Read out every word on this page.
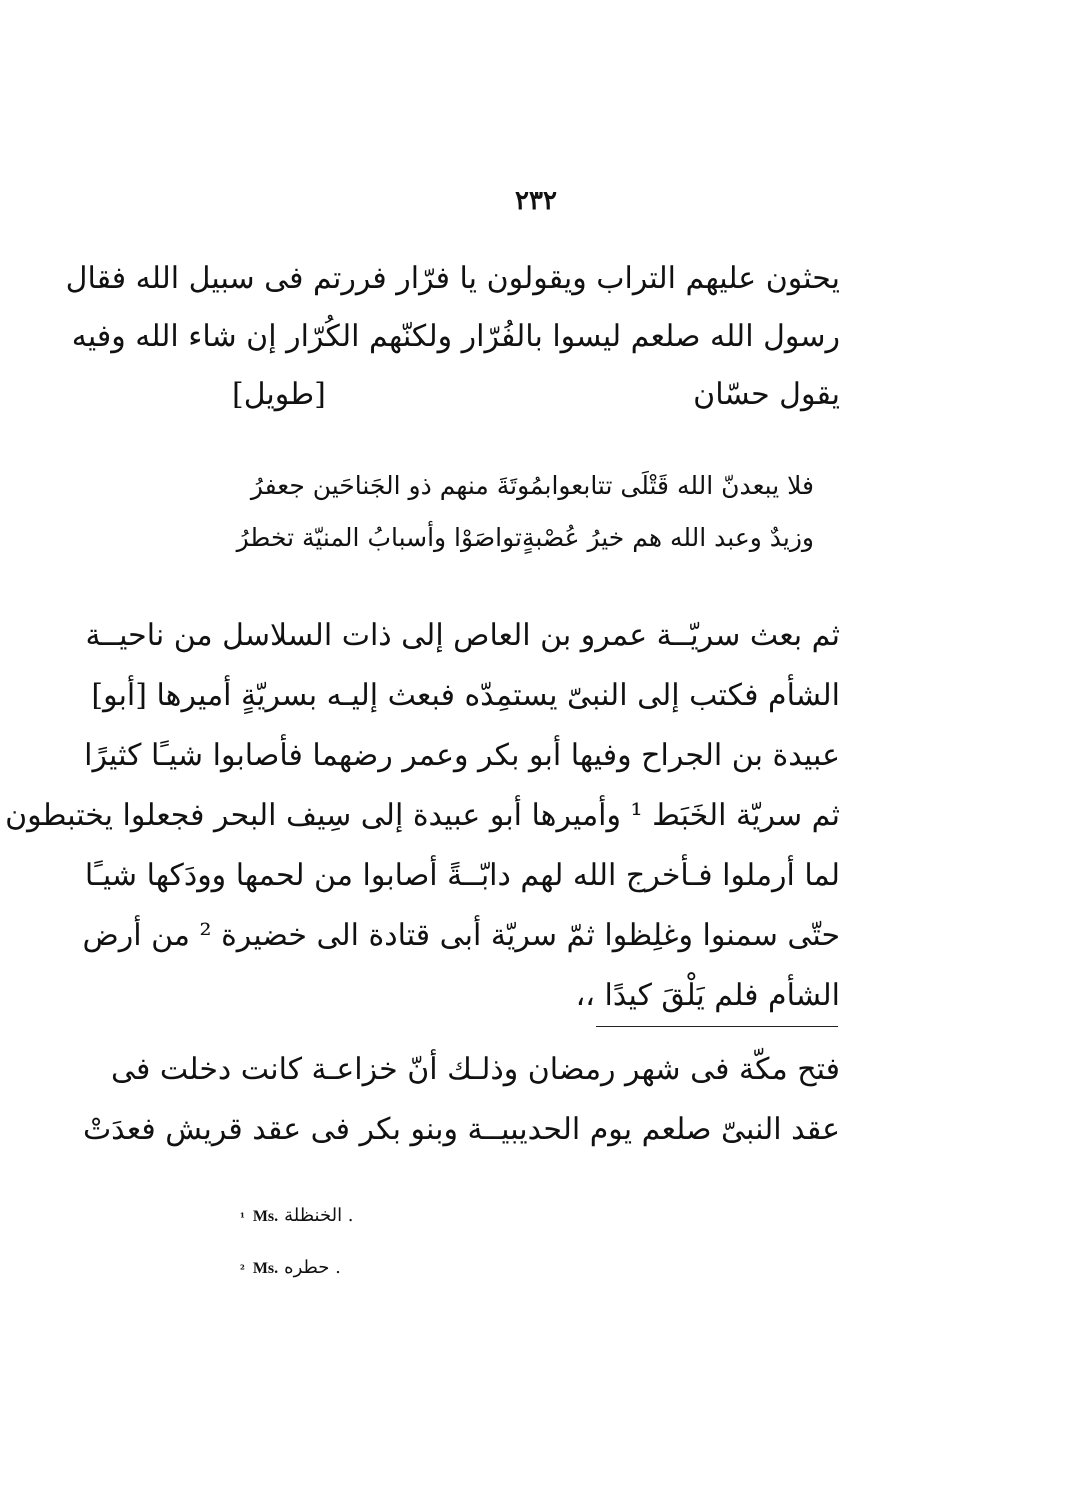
٢٣٢
يحثون عليهم التراب ويقولون يا فرّار فررتم فى سبيل الله فقال
رسول الله صلعم ليسوا بالفُرّار ولكنّهم الكُرّار إن شاء الله وفيه
يقول حسّان
[طويل]
فلا يبعدنّ الله قَتْلَى تتابعوا
بمُوتَةَ منهم ذو الجَناحَين جعفرُ
وزيدٌ وعبد الله هم خيرُ عُصْبةٍ
تواصَوْا وأسبابُ المنيّة تخطرُ
ثم بعث سريّــة عمرو بن العاص إلى ذات السلاسل من ناحيــة
الشأم فكتب إلى النبىّ يستمِدّه فبعث إليـه بسريّةٍ أميرها [أبو]
عبيدة بن الجراح وفيها أبو بكر وعمر رضهما فأصابوا شيـًا كثيرًا
ثم سريّة الخَبَط ¹ وأميرها أبو عبيدة إلى سِيف البحر فجعلوا يختبطون
لما أرملوا فـأخرج الله لهم دابّــةً أصابوا من لحمها وودَكها شيـًا
حتّى سمنوا وغلِظوا ثمّ سريّة أبى قتادة الى خضيرة ² من أرض
الشأم فلم يَلْقَ كيدًا ،،
فتح مكّة فى شهر رمضان وذلـك أنّ خزاعـة كانت دخلت فى
عقد النبىّ صلعم يوم الحديبيــة وبنو بكر فى عقد قريش فعدَتْ
¹ Ms. الخنظلة .
² Ms. حطره .
